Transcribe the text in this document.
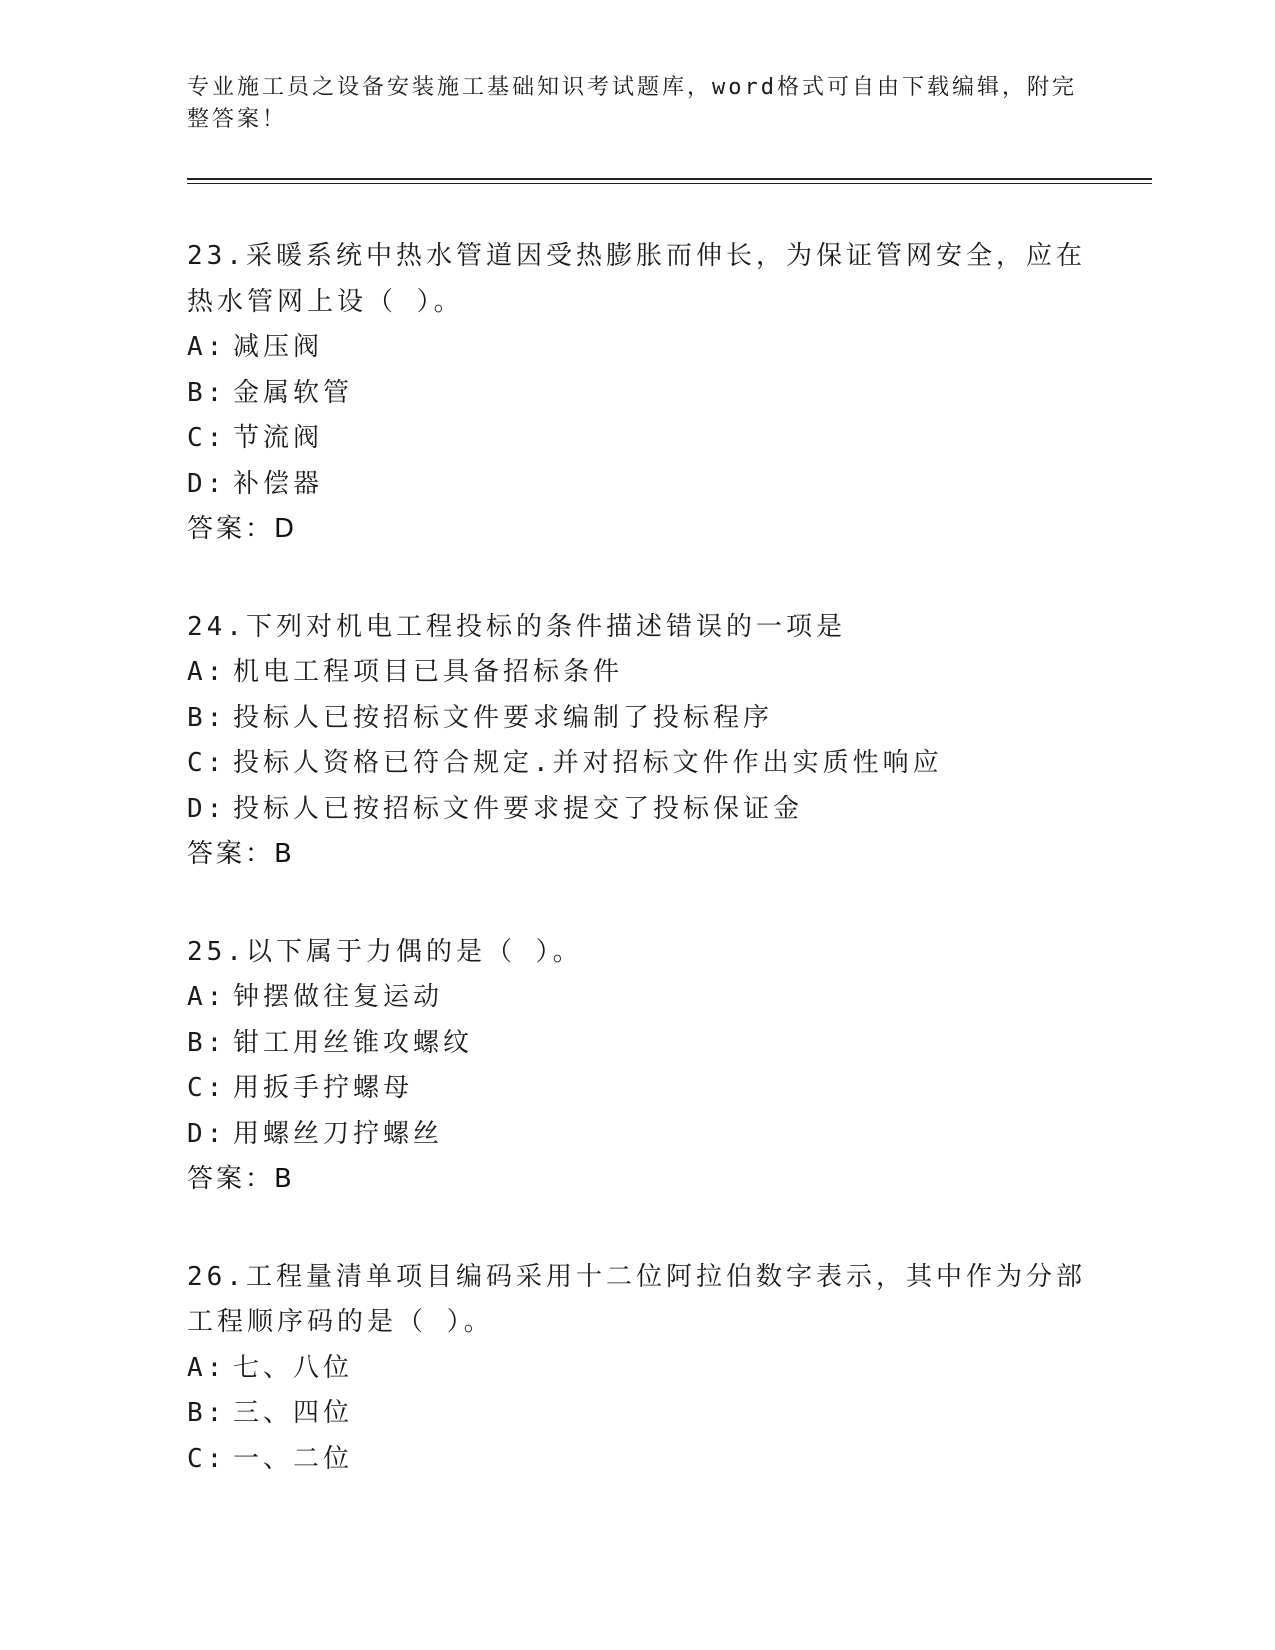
专业施工员之设备安装施工基础知识考试题库，word格式可自由下载编辑，附完整答案！

23.采暖系统中热水管道因受热膨胀而伸长，为保证管网安全，应在热水管网上设（ ）。

A: 减压阀

B: 金属软管

C: 节流阀

D: 补偿器

答案：D

24.下列对机电工程投标的条件描述错误的一项是

A: 机电工程项目已具备招标条件

B: 投标人已按招标文件要求编制了投标程序

C: 投标人资格已符合规定.并对招标文件作出实质性响应

D: 投标人已按招标文件要求提交了投标保证金

答案：B

25.以下属于力偶的是（ ）。

A: 钟摆做往复运动

B: 钳工用丝锥攻螺纹

C: 用扳手拧螺母

D: 用螺丝刀拧螺丝

答案：B

26.工程量清单项目编码采用十二位阿拉伯数字表示，其中作为分部工程顺序码的是（ ）。

A: 七、八位

B: 三、四位

C: 一、二位
